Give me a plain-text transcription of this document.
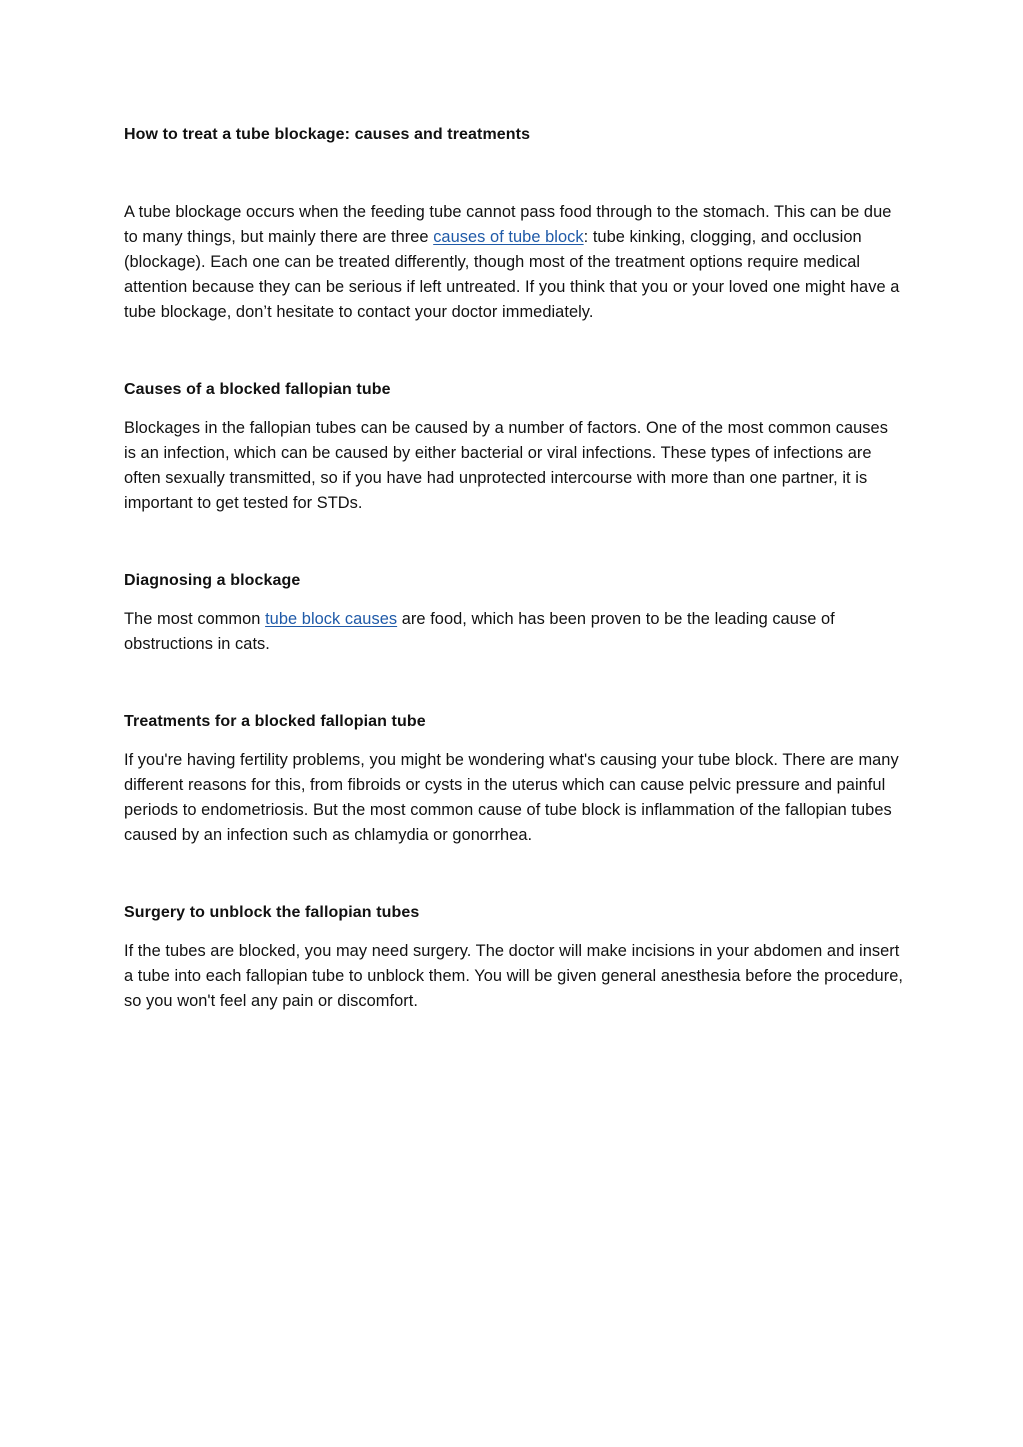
How to treat a tube blockage: causes and treatments

A tube blockage occurs when the feeding tube cannot pass food through to the stomach. This can be due to many things, but mainly there are three causes of tube block: tube kinking, clogging, and occlusion (blockage). Each one can be treated differently, though most of the treatment options require medical attention because they can be serious if left untreated. If you think that you or your loved one might have a tube blockage, don’t hesitate to contact your doctor immediately.

Causes of a blocked fallopian tube

Blockages in the fallopian tubes can be caused by a number of factors. One of the most common causes is an infection, which can be caused by either bacterial or viral infections. These types of infections are often sexually transmitted, so if you have had unprotected intercourse with more than one partner, it is important to get tested for STDs.

Diagnosing a blockage

The most common tube block causes are food, which has been proven to be the leading cause of obstructions in cats.

Treatments for a blocked fallopian tube

If you're having fertility problems, you might be wondering what's causing your tube block. There are many different reasons for this, from fibroids or cysts in the uterus which can cause pelvic pressure and painful periods to endometriosis. But the most common cause of tube block is inflammation of the fallopian tubes caused by an infection such as chlamydia or gonorrhea.

Surgery to unblock the fallopian tubes

If the tubes are blocked, you may need surgery. The doctor will make incisions in your abdomen and insert a tube into each fallopian tube to unblock them. You will be given general anesthesia before the procedure, so you won't feel any pain or discomfort.
